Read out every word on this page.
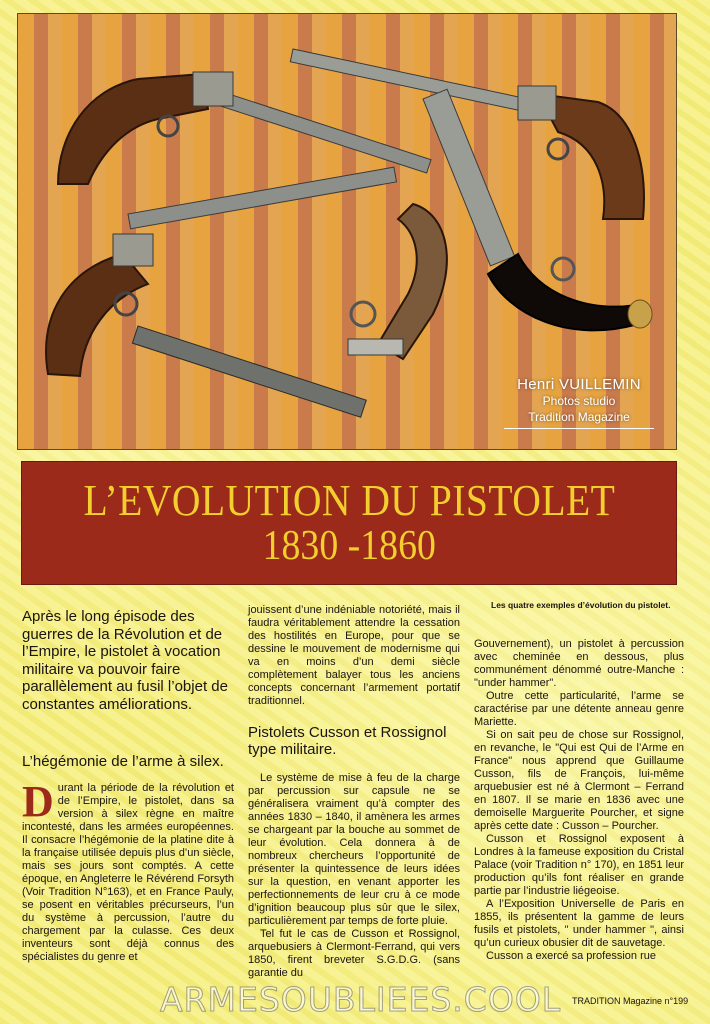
Henri VUILLEMIN
Photos studio
Tradition Magazine
L’EVOLUTION DU PISTOLET
1830 -1860
Les quatre exemples d’évolution du pistolet.
Après le long épisode des guerres de la Révolution et de l’Empire, le pistolet à vocation militaire va pouvoir faire parallèlement au fusil l’objet de constantes améliorations.
L’hégémonie de l’arme à silex.

Durant la période de la révolution et de l’Empire, le pistolet, dans sa version à silex règne en maître incontesté, dans les armées européennes. Il consacre l’hégémonie de la platine dite à la française utilisée depuis plus d’un siècle, mais ses jours sont comptés. A cette époque, en Angleterre le Révérend Forsyth (Voir Tradition N°163), et en France Pauly, se posent en véritables précurseurs, l’un du système à percussion, l’autre du chargement par la culasse. Ces deux inventeurs sont déjà connus des spécialistes du genre et

jouissent d’une indéniable notoriété, mais il faudra véritablement attendre la cessation des hostilités en Europe, pour que se dessine le mouvement de modernisme qui va en moins d’un demi siècle complètement balayer tous les anciens concepts concernant l’armement portatif traditionnel.

Pistolets Cusson et Rossignol type militaire.

Le système de mise à feu de la charge par percussion sur capsule ne se généralisera vraiment qu’à compter des années 1830 – 1840, il amènera les armes se chargeant par la bouche au sommet de leur évolution. Cela donnera à de nombreux chercheurs l’opportunité de présenter la quintessence de leurs idées sur la question, en venant apporter les perfectionnements de leur cru à ce mode d’ignition beaucoup plus sûr que le silex, particulièrement par temps de forte pluie.

Tel fut le cas de Cusson et Rossignol, arquebusiers à Clermont-Ferrand, qui vers 1850, firent breveter S.G.D.G. (sans garantie du

Gouvernement), un pistolet à percussion avec cheminée en dessous, plus communément dénommé outre-Manche : "under hammer".

Outre cette particularité, l’arme se caractérise par une détente anneau genre Mariette.

Si on sait peu de chose sur Rossignol, en revanche, le "Qui est Qui de l’Arme en France" nous apprend que Guillaume Cusson, fils de François, lui-même arquebusier est né à Clermont – Ferrand en 1807. Il se marie en 1836 avec une demoiselle Marguerite Pourcher, et signe après cette date : Cusson – Pourcher.

Cusson et Rossignol exposent à Londres à la fameuse exposition du Cristal Palace (voir Tradition n° 170), en 1851 leur production qu’ils font réaliser en grande partie par l’industrie liégeoise.

A l’Exposition Universelle de Paris en 1855, ils présentent la gamme de leurs fusils et pistolets, " under hammer ", ainsi qu’un curieux obusier dit de sauvetage.

Cusson a exercé sa profession rue

TRADITION Magazine n°199
ARMESOUBLIEES.COOL
